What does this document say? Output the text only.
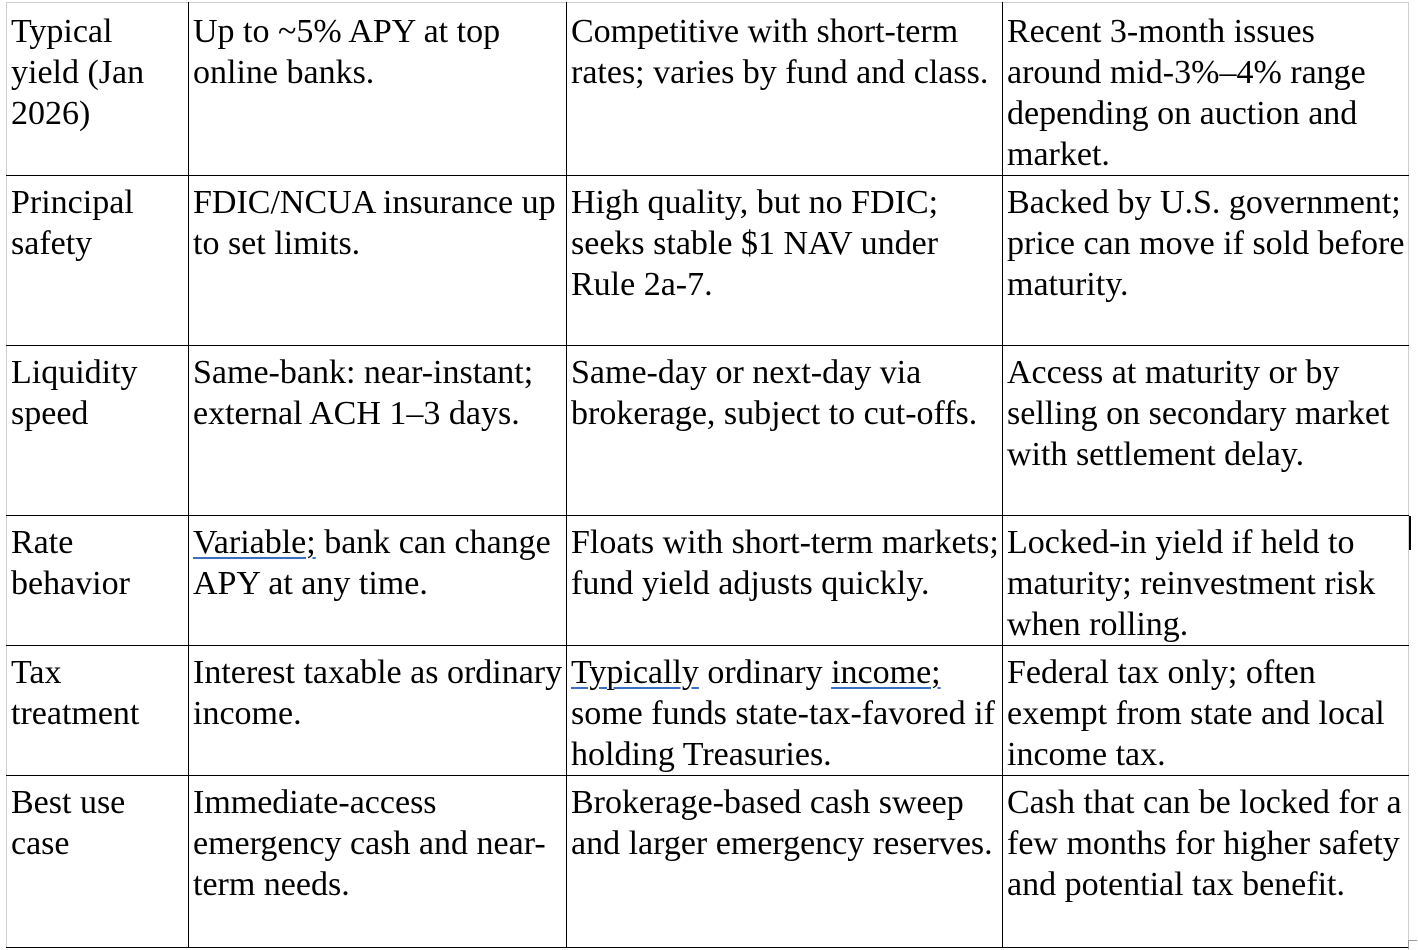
Typical yield (Jan 2026)	Up to ~5% APY at top online banks.	Competitive with short-term rates; varies by fund and class.	Recent 3-month issues around mid-3%–4% range depending on auction and market.
Principal safety	FDIC/NCUA insurance up to set limits.	High quality, but no FDIC; seeks stable $1 NAV under Rule 2a-7.	Backed by U.S. government; price can move if sold before maturity.
Liquidity speed	Same-bank: near-instant; external ACH 1–3 days.	Same-day or next-day via brokerage, subject to cut-offs.	Access at maturity or by selling on secondary market with settlement delay.
Rate behavior	Variable; bank can change APY at any time.	Floats with short-term markets; fund yield adjusts quickly.	Locked-in yield if held to maturity; reinvestment risk when rolling.
Tax treatment	Interest taxable as ordinary income.	Typically ordinary income; some funds state-tax-favored if holding Treasuries.	Federal tax only; often exempt from state and local income tax.
Best use case	Immediate-access emergency cash and near-term needs.	Brokerage-based cash sweep and larger emergency reserves.	Cash that can be locked for a few months for higher safety and potential tax benefit.
